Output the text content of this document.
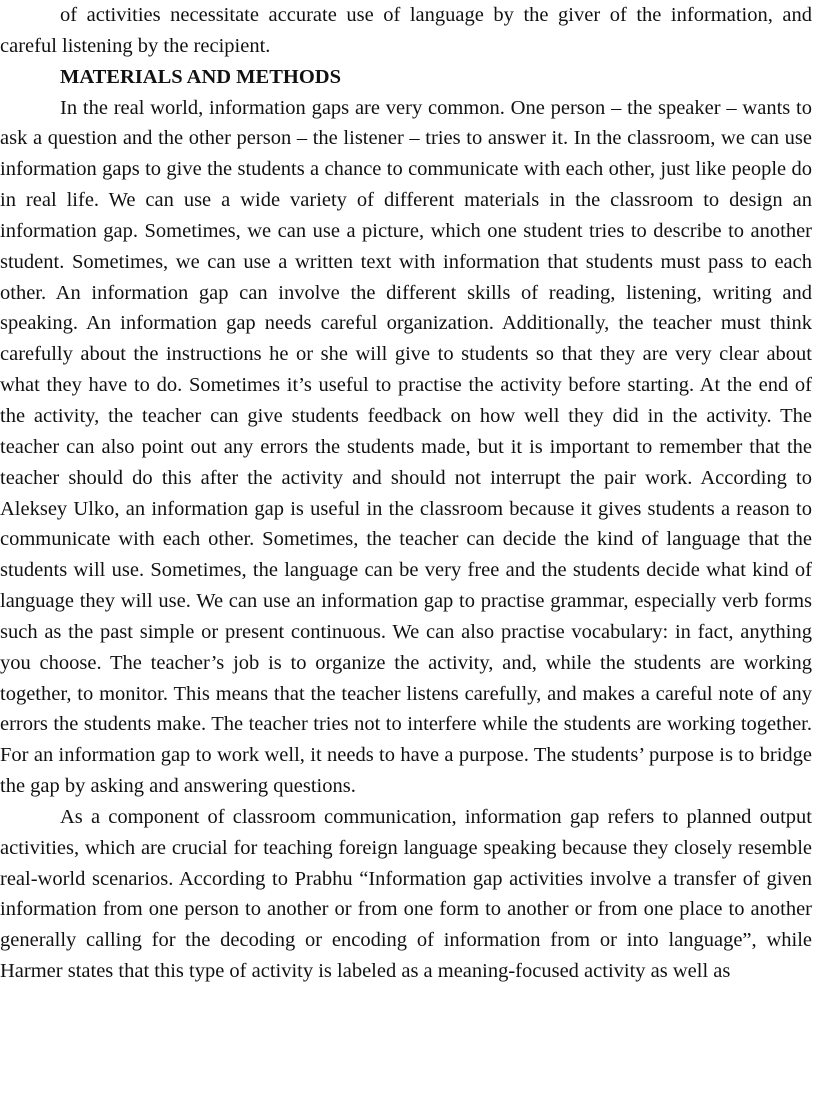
of activities necessitate accurate use of language by the giver of the information, and careful listening by the recipient.

MATERIALS AND METHODS

In the real world, information gaps are very common. One person – the speaker – wants to ask a question and the other person – the listener – tries to answer it. In the classroom, we can use information gaps to give the students a chance to communicate with each other, just like people do in real life. We can use a wide variety of different materials in the classroom to design an information gap. Sometimes, we can use a picture, which one student tries to describe to another student. Sometimes, we can use a written text with information that students must pass to each other. An information gap can involve the different skills of reading, listening, writing and speaking. An information gap needs careful organization. Additionally, the teacher must think carefully about the instructions he or she will give to students so that they are very clear about what they have to do. Sometimes it’s useful to practise the activity before starting. At the end of the activity, the teacher can give students feedback on how well they did in the activity. The teacher can also point out any errors the students made, but it is important to remember that the teacher should do this after the activity and should not interrupt the pair work. According to Aleksey Ulko, an information gap is useful in the classroom because it gives students a reason to communicate with each other. Sometimes, the teacher can decide the kind of language that the students will use. Sometimes, the language can be very free and the students decide what kind of language they will use. We can use an information gap to practise grammar, especially verb forms such as the past simple or present continuous. We can also practise vocabulary: in fact, anything you choose. The teacher’s job is to organize the activity, and, while the students are working together, to monitor. This means that the teacher listens carefully, and makes a careful note of any errors the students make. The teacher tries not to interfere while the students are working together. For an information gap to work well, it needs to have a purpose. The students’ purpose is to bridge the gap by asking and answering questions.

As a component of classroom communication, information gap refers to planned output activities, which are crucial for teaching foreign language speaking because they closely resemble real-world scenarios. According to Prabhu “Information gap activities involve a transfer of given information from one person to another or from one form to another or from one place to another generally calling for the decoding or encoding of information from or into language”, while Harmer states that this type of activity is labeled as a meaning-focused activity as well as
